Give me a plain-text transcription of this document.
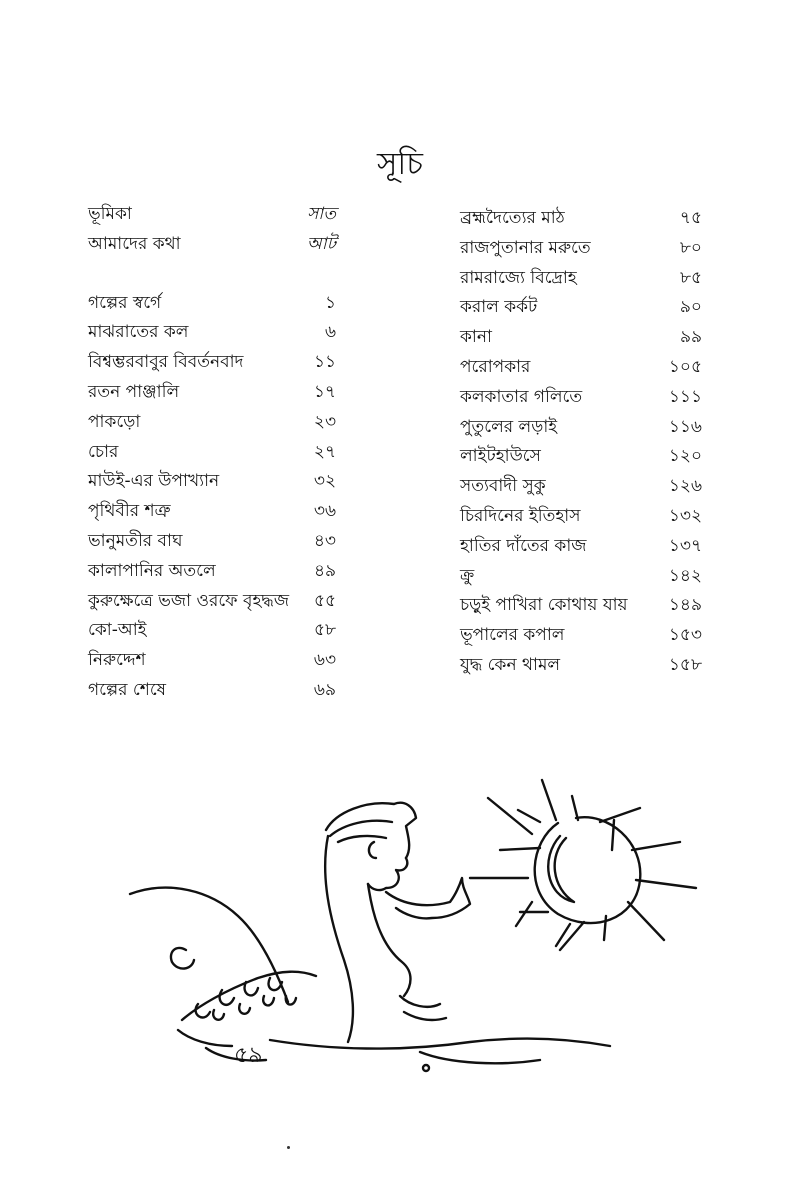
সূচি
ভূমিকা	সাত
আমাদের কথা	আট
গল্পের স্বর্গে	১
মাঝরাতের কল	৬
বিশ্বম্ভরবাবুর বিবর্তনবাদ	১১
রতন পাঞ্জালি	১৭
পাকড়ো	২৩
চোর	২৭
মাউই-এর উপাখ্যান	৩২
পৃথিবীর শত্রু	৩৬
ভানুমতীর বাঘ	৪৩
কালাপানির অতলে	৪৯
কুরুক্ষেত্রে ভজা ওরফে বৃহদ্ধজ ৫৫
কো-আই	৫৮
নিরুদ্দেশ	৬৩
গল্পের শেষে	৬৯
ব্রহ্মদৈত্যের মাঠ	৭৫
রাজপুতানার মরুতে	৮০
রামরাজ্যে বিদ্রোহ	৮৫
করাল কর্কট	৯০
কানা	৯৯
পরোপকার	১০৫
কলকাতার গলিতে	১১১
পুতুলের লড়াই	১১৬
লাইটহাউসে	১২০
সত্যবাদী সুকু	১২৬
চিরদিনের ইতিহাস	১৩২
হাতির দাঁতের কাজ	১৩৭
ক্রু	১৪২
চড়ুই পাখিরা কোথায় যায় ১৪৯
ভূপালের কপাল	১৫৩
যুদ্ধ কেন থামল	১৫৮
৫৯
